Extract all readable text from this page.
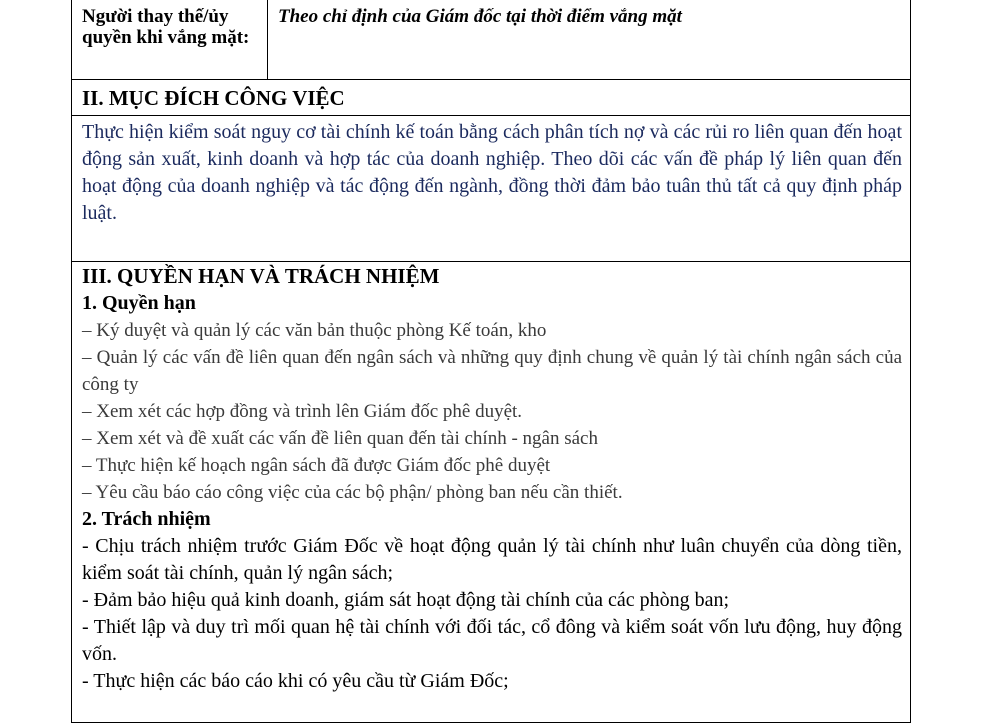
Người thay thế/ủy quyền khi vắng mặt:
Theo chỉ định của Giám đốc tại thời điểm vắng mặt
II. MỤC ĐÍCH CÔNG VIỆC
Thực hiện kiểm soát nguy cơ tài chính kế toán bằng cách phân tích nợ và các rủi ro liên quan đến hoạt động sản xuất, kinh doanh và hợp tác của doanh nghiệp. Theo dõi các vấn đề pháp lý liên quan đến hoạt động của doanh nghiệp và tác động đến ngành, đồng thời đảm bảo tuân thủ tất cả quy định pháp luật.
III. QUYỀN HẠN VÀ TRÁCH NHIỆM
1. Quyền hạn
– Ký duyệt và quản lý các văn bản thuộc phòng Kế toán, kho
– Quản lý các vấn đề liên quan đến ngân sách và những quy định chung về quản lý tài chính ngân sách của công ty
– Xem xét các hợp đồng và trình lên Giám đốc phê duyệt.
– Xem xét và đề xuất các vấn đề liên quan đến tài chính - ngân sách
– Thực hiện kế hoạch ngân sách đã được Giám đốc phê duyệt
– Yêu cầu báo cáo công việc của các bộ phận/ phòng ban nếu cần thiết.
2. Trách nhiệm
- Chịu trách nhiệm trước Giám Đốc về hoạt động quản lý tài chính như luân chuyển của dòng tiền, kiểm soát tài chính, quản lý ngân sách;
- Đảm bảo hiệu quả kinh doanh, giám sát hoạt động tài chính của các phòng ban;
- Thiết lập và duy trì mối quan hệ tài chính với đối tác, cổ đông và kiểm soát vốn lưu động, huy động vốn.
- Thực hiện các báo cáo khi có yêu cầu từ Giám Đốc;
